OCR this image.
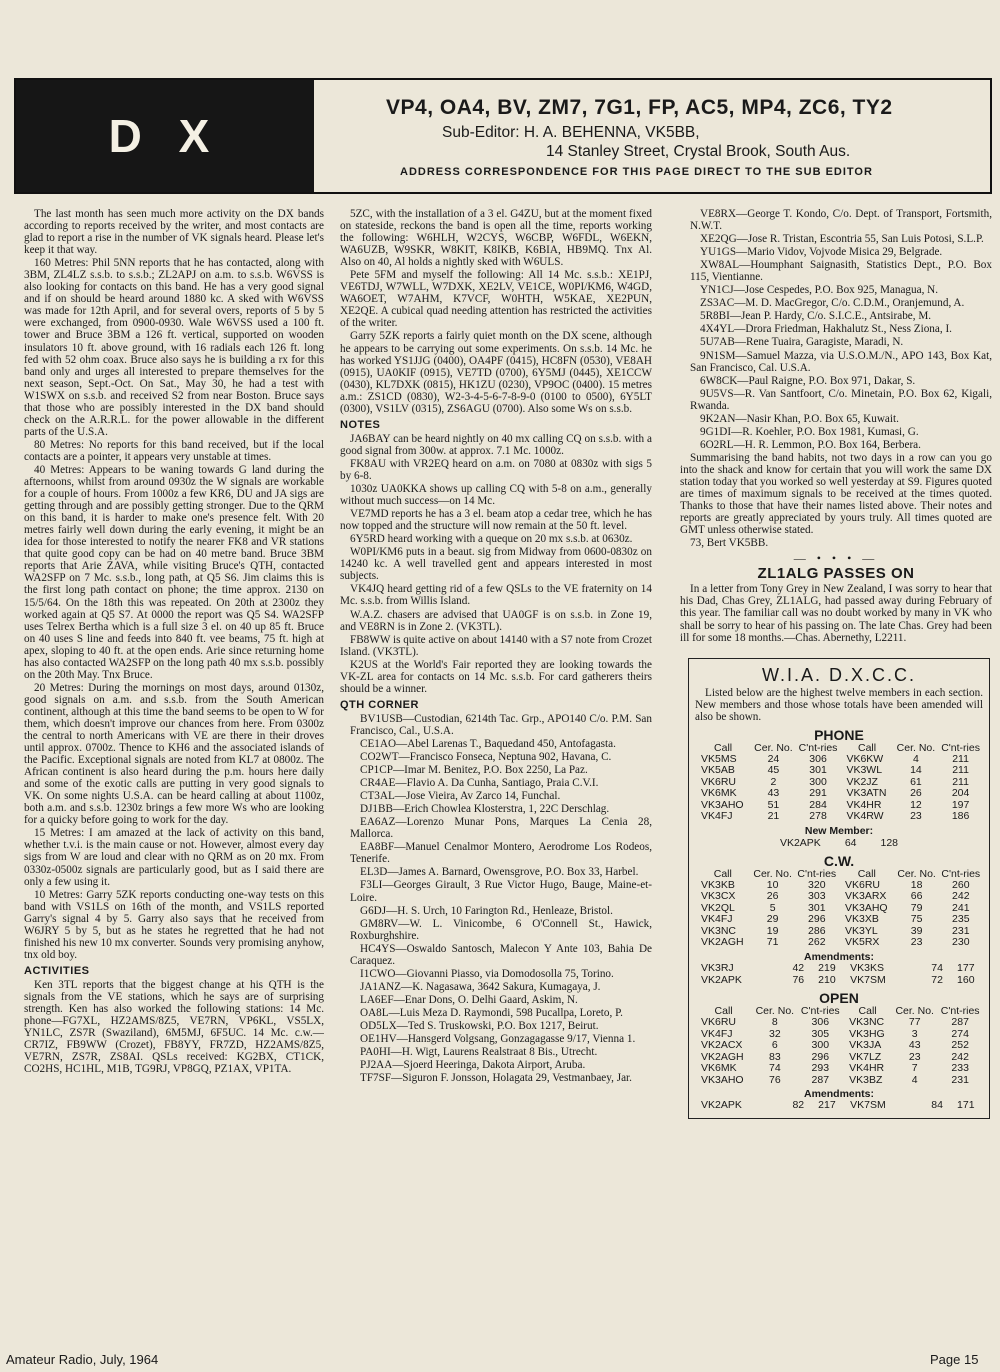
D X
VP4, OA4, BV, ZM7, 7G1, FP, AC5, MP4, ZC6, TY2
Sub-Editor: H. A. BEHENNA, VK5BB,
14 Stanley Street, Crystal Brook, South Aus.
ADDRESS CORRESPONDENCE FOR THIS PAGE DIRECT TO THE SUB EDITOR

The last month has seen much more activity on the DX bands according to reports received by the writer, and most contacts are glad to report a rise in the number of VK signals heard. Please let's keep it that way.

160 Metres: Phil 5NN reports that he has contacted, along with 3BM, ZL4LZ s.s.b. to s.s.b.; ZL2APJ on a.m. to s.s.b. W6VSS is also looking for contacts on this band. He has a very good signal and if on should be heard around 1880 kc. A sked with W6VSS was made for 12th April, and for several overs, reports of 5 by 5 were exchanged, from 0900-0930. Wale W6VSS used a 100 ft. tower and Bruce 3BM a 126 ft. vertical, supported on wooden insulators 10 ft. above ground, with 16 radials each 126 ft. long fed with 52 ohm coax. Bruce also says he is building a rx for this band only and urges all interested to prepare themselves for the next season, Sept.-Oct. On Sat., May 30, he had a test with W1SWX on s.s.b. and received S2 from near Boston. Bruce says that those who are possibly interested in the DX band should check on the A.R.R.L. for the power allowable in the different parts of the U.S.A.

80 Metres: No reports for this band received, but if the local contacts are a pointer, it appears very unstable at times.

40 Metres: Appears to be waning towards G land during the afternoons, whilst from around 0930z the W signals are workable for a couple of hours. From 1000z a few KR6, DU and JA sigs are getting through and are possibly getting stronger. Due to the QRM on this band, it is harder to make one's presence felt. With 20 metres fairly well down during the early evening, it might be an idea for those interested to notify the nearer FK8 and VR stations that quite good copy can be had on 40 metre band. Bruce 3BM reports that Arie ZAVA, while visiting Bruce's QTH, contacted WA2SFP on 7 Mc. s.s.b., long path, at Q5 S6. Jim claims this is the first long path contact on phone; the time approx. 2130 on 15/5/64. On the 18th this was repeated. On 20th at 2300z they worked again at Q5 S7. At 0000 the report was Q5 S4. WA2SFP uses Telrex Bertha which is a full size 3 el. on 40 up 85 ft. Bruce on 40 uses S line and feeds into 840 ft. vee beams, 75 ft. high at apex, sloping to 40 ft. at the open ends. Arie since returning home has also contacted WA2SFP on the long path 40 mx s.s.b. possibly on the 20th May. Tnx Bruce.

20 Metres: During the mornings on most days, around 0130z, good signals on a.m. and s.s.b. from the South American continent, although at this time the band seems to be open to W for them, which doesn't improve our chances from here. From 0300z the central to north Americans with VE are there in their droves until approx. 0700z. Thence to KH6 and the associated islands of the Pacific. Exceptional signals are noted from KL7 at 0800z. The African continent is also heard during the p.m. hours here daily and some of the exotic calls are putting in very good signals to VK. On some nights U.S.A. can be heard calling at about 1100z, both a.m. and s.s.b. 1230z brings a few more Ws who are looking for a quicky before going to work for the day.

15 Metres: I am amazed at the lack of activity on this band, whether t.v.i. is the main cause or not. However, almost every day sigs from W are loud and clear with no QRM as on 20 mx. From 0330z-0500z signals are particularly good, but as I said there are only a few using it.

10 Metres: Garry 5ZK reports conducting one-way tests on this band with VS1LS on 16th of the month, and VS1LS reported Garry's signal 4 by 5. Garry also says that he received from W6JRY 5 by 5, but as he states he regretted that he had not finished his new 10 mx converter. Sounds very promising anyhow, tnx old boy.

ACTIVITIES

Ken 3TL reports that the biggest change at his QTH is the signals from the VE stations, which he says are of surprising strength. Ken has also worked the following stations: 14 Mc. phone—FG7XL, HZ2AMS/8Z5, VE7RN, VP6KL, VS5LX, YN1LC, ZS7R (Swaziland), 6M5MJ, 6F5UC. 14 Mc. c.w.—CR7IZ, FB9WW (Crozet), FB8YY, FR7ZD, HZ2AMS/8Z5, VE7RN, ZS7R, ZS8AI. QSLs received: KG2BX, CT1CK, CO2HS, HC1HL, M1B, TG9RJ, VP8GQ, PZ1AX, VP1TA.

5ZC, with the installation of a 3 el. G4ZU, but at the moment fixed on stateside, reckons the band is open all the time, reports working the following: W6HLH, W2CYS, W6CBP, W6FDL, W6EKN, WA6UZB, W9SKR, W8KIT, K8IKB, K6BIA, HB9MQ. Tnx Al. Also on 40, Al holds a nightly sked with W6ULS.

Pete 5FM and myself the following: All 14 Mc. s.s.b.: XE1PJ, VE6TDJ, W7WLL, W7DXK, XE2LV, VE1CE, W0PI/KM6, W4GD, WA6OET, W7AHM, K7VCF, W0HTH, W5KAE, XE2PUN, XE2QE. A cubical quad needing attention has restricted the activities of the writer.

Garry 5ZK reports a fairly quiet month on the DX scene, although he appears to be carrying out some experiments. On s.s.b. 14 Mc. he has worked YS1JJG (0400), OA4PF (0415), HC8FN (0530), VE8AH (0915), UA0KIF (0915), VE7TD (0700), 6Y5MJ (0445), XE1CCW (0430), KL7DXK (0815), HK1ZU (0230), VP9OC (0400). 15 metres a.m.: ZS1CD (0830), W2-3-4-5-6-7-8-9-0 (0100 to 0500), 6Y5LT (0300), VS1LV (0315), ZS6AGU (0700). Also some Ws on s.s.b.

NOTES

JA6BAY can be heard nightly on 40 mx calling CQ on s.s.b. with a good signal from 300w. at approx. 7.1 Mc. 1000z.

FK8AU with VR2EQ heard on a.m. on 7080 at 0830z with sigs 5 by 6-8.

1030z UA0KKA shows up calling CQ with 5-8 on a.m., generally without much success—on 14 Mc.

VE7MD reports he has a 3 el. beam atop a cedar tree, which he has now topped and the structure will now remain at the 50 ft. level.

6Y5RD heard working with a queque on 20 mx s.s.b. at 0630z.

W0PI/KM6 puts in a beaut. sig from Midway from 0600-0830z on 14240 kc. A well travelled gent and appears interested in most subjects.

VK4JQ heard getting rid of a few QSLs to the VE fraternity on 14 Mc. s.s.b. from Willis Island.

W.A.Z. chasers are advised that UA0GF is on s.s.b. in Zone 19, and VE8RN is in Zone 2. (VK3TL).

FB8WW is quite active on about 14140 with a S7 note from Crozet Island. (VK3TL).

K2US at the World's Fair reported they are looking towards the VK-ZL area for contacts on 14 Mc. s.s.b. For card gatherers theirs should be a winner.

QTH CORNER

BV1USB—Custodian, 6214th Tac. Grp., APO140 C/o. P.M. San Francisco, Cal., U.S.A.

CE1AO—Abel Larenas T., Baquedand 450, Antofagasta.

CO2WT—Francisco Fonseca, Neptuna 902, Havana, C.

CP1CP—Imar M. Benitez, P.O. Box 2250, La Paz.

CR4AE—Flavio A. Da Cunha, Santiago, Praia C.V.I.

CT3AL—Jose Vieira, Av Zarco 14, Funchal.

DJ1BB—Erich Chowlea Klosterstra, 1, 22C Derschlag.

EA6AZ—Lorenzo Munar Pons, Marques La Cenia 28, Mallorca.

EA8BF—Manuel Cenalmor Montero, Aerodrome Los Rodeos, Tenerife.

EL3D—James A. Barnard, Owensgrove, P.O. Box 33, Harbel.

F3LI—Georges Girault, 3 Rue Victor Hugo, Bauge, Maine-et-Loire.

G6DJ—H. S. Urch, 10 Farington Rd., Henleaze, Bristol.

GM8RV—W. L. Vinicombe, 6 O'Connell St., Hawick, Roxburghshire.

HC4YS—Oswaldo Santosch, Malecon Y Ante 103, Bahia De Caraquez.

I1CWO—Giovanni Piasso, via Domodosolla 75, Torino.

JA1ANZ—K. Nagasawa, 3642 Sakura, Kumagaya, J.

LA6EF—Enar Dons, O. Delhi Gaard, Askim, N.

OA8L—Luis Meza D. Raymondi, 598 Pucallpa, Loreto, P.

OD5LX—Ted S. Truskowski, P.O. Box 1217, Beirut.

OE1HV—Hansgerd Volgsang, Gonzagagasse 9/17, Vienna 1.

PA0HI—H. Wigt, Laurens Realstraat 8 Bis., Utrecht.

PJ2AA—Sjoerd Heeringa, Dakota Airport, Aruba.

TF7SF—Siguron F. Jonsson, Holagata 29, Vestmanbaey, Jar.

VE8RX—George T. Kondo, C/o. Dept. of Transport, Fortsmith, N.W.T.

XE2QG—Jose R. Tristan, Escontria 55, San Luis Potosi, S.L.P.

YU1GS—Mario Vidov, Vojvode Misica 29, Belgrade.

XW8AL—Houmphant Saignasith, Statistics Dept., P.O. Box 115, Vientianne.

YN1CJ—Jose Cespedes, P.O. Box 925, Managua, N.

ZS3AC—M. D. MacGregor, C/o. C.D.M., Oranjemund, A.

5R8BI—Jean P. Hardy, C/o. S.I.C.E., Antsirabe, M.

4X4YL—Drora Friedman, Hakhalutz St., Ness Ziona, I.

5U7AB—Rene Tuaira, Garagiste, Maradi, N.

9N1SM—Samuel Mazza, via U.S.O.M./N., APO 143, Box Kat, San Francisco, Cal. U.S.A.

6W8CK—Paul Raigne, P.O. Box 971, Dakar, S.

9U5VS—R. Van Santfoort, C/o. Minetain, P.O. Box 62, Kigali, Rwanda.

9K2AN—Nasir Khan, P.O. Box 65, Kuwait.

9G1DI—R. Koehler, P.O. Box 1981, Kumasi, G.

6O2RL—H. R. Lemmon, P.O. Box 164, Berbera.

Summarising the band habits, not two days in a row can you go into the shack and know for certain that you will work the same DX station today that you worked so well yesterday at S9. Figures quoted are times of maximum signals to be received at the times quoted. Thanks to those that have their names listed above. Their notes and reports are greatly appreciated by yours truly. All times quoted are GMT unless otherwise stated.

73, Bert VK5BB.

— • • • —
ZL1ALG PASSES ON

In a letter from Tony Grey in New Zealand, I was sorry to hear that his Dad, Chas Grey, ZL1ALG, had passed away during February of this year. The familiar call was no doubt worked by many in VK who shall be sorry to hear of his passing on. The late Chas. Grey had been ill for some 18 months.—Chas. Abernethy, L2211.

W.I.A. D.X.C.C.

Listed below are the highest twelve members in each section. New members and those whose totals have been amended will also be shown.

PHONE
Call	Cer. No.	C'nt-ries	Call	Cer. No.	C'nt-ries
VK5MS	24	306	VK6KW	4	211
VK5AB	45	301	VK3WL	14	211
VK6RU	2	300	VK2JZ	61	211
VK6MK	43	291	VK3ATN	26	204
VK3AHO	51	284	VK4HR	12	197
VK4FJ	21	278	VK4RW	23	186
New Member:
VK2APK 64 128
C.W.
Call	Cer. No.	C'nt-ries	Call	Cer. No.	C'nt-ries
VK3KB	10	320	VK6RU	18	260
VK3CX	26	303	VK3ARX	66	242
VK2QL	5	301	VK3AHQ	79	241
VK4FJ	29	296	VK3XB	75	235
VK3NC	19	286	VK3YL	39	231
VK2AGH	71	262	VK5RX	23	230
Amendments:
VK3RJ	42	219	VK3KS	74	177
VK2APK	76	210	VK7SM	72	160
OPEN
Call	Cer. No.	C'nt-ries	Call	Cer. No.	C'nt-ries
VK6RU	8	306	VK3NC	77	287
VK4FJ	32	305	VK3HG	3	274
VK2ACX	6	300	VK3JA	43	252
VK2AGH	83	296	VK7LZ	23	242
VK6MK	74	293	VK4HR	7	233
VK3AHO	76	287	VK3BZ	4	231
Amendments:
VK2APK	82	217	VK7SM	84	171
Amateur Radio, July, 1964	Page 15
